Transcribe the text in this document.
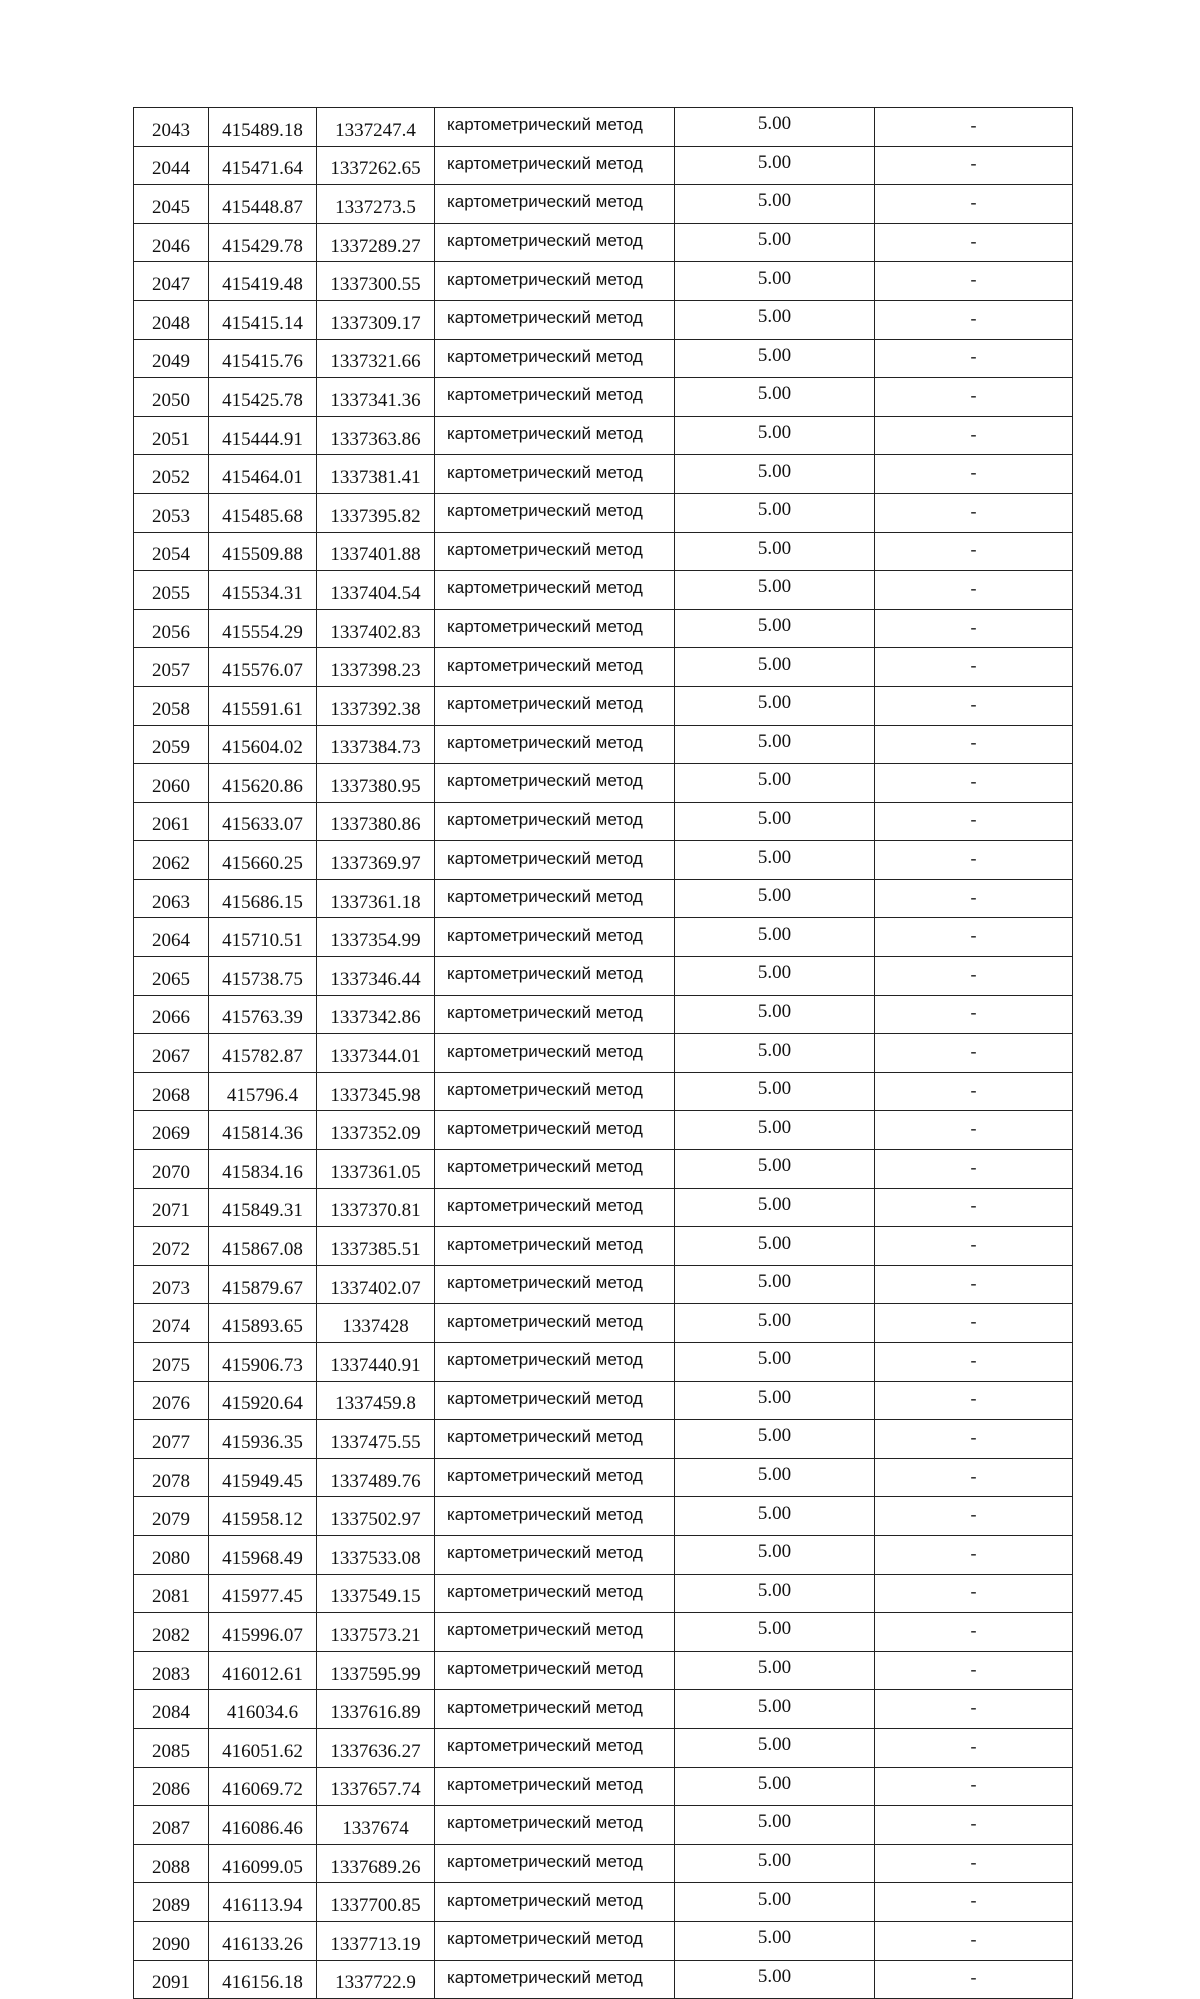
2043	415489.18	1337247.4	картометрический метод	5.00	-
2044	415471.64	1337262.65	картометрический метод	5.00	-
2045	415448.87	1337273.5	картометрический метод	5.00	-
2046	415429.78	1337289.27	картометрический метод	5.00	-
2047	415419.48	1337300.55	картометрический метод	5.00	-
2048	415415.14	1337309.17	картометрический метод	5.00	-
2049	415415.76	1337321.66	картометрический метод	5.00	-
2050	415425.78	1337341.36	картометрический метод	5.00	-
2051	415444.91	1337363.86	картометрический метод	5.00	-
2052	415464.01	1337381.41	картометрический метод	5.00	-
2053	415485.68	1337395.82	картометрический метод	5.00	-
2054	415509.88	1337401.88	картометрический метод	5.00	-
2055	415534.31	1337404.54	картометрический метод	5.00	-
2056	415554.29	1337402.83	картометрический метод	5.00	-
2057	415576.07	1337398.23	картометрический метод	5.00	-
2058	415591.61	1337392.38	картометрический метод	5.00	-
2059	415604.02	1337384.73	картометрический метод	5.00	-
2060	415620.86	1337380.95	картометрический метод	5.00	-
2061	415633.07	1337380.86	картометрический метод	5.00	-
2062	415660.25	1337369.97	картометрический метод	5.00	-
2063	415686.15	1337361.18	картометрический метод	5.00	-
2064	415710.51	1337354.99	картометрический метод	5.00	-
2065	415738.75	1337346.44	картометрический метод	5.00	-
2066	415763.39	1337342.86	картометрический метод	5.00	-
2067	415782.87	1337344.01	картометрический метод	5.00	-
2068	415796.4	1337345.98	картометрический метод	5.00	-
2069	415814.36	1337352.09	картометрический метод	5.00	-
2070	415834.16	1337361.05	картометрический метод	5.00	-
2071	415849.31	1337370.81	картометрический метод	5.00	-
2072	415867.08	1337385.51	картометрический метод	5.00	-
2073	415879.67	1337402.07	картометрический метод	5.00	-
2074	415893.65	1337428	картометрический метод	5.00	-
2075	415906.73	1337440.91	картометрический метод	5.00	-
2076	415920.64	1337459.8	картометрический метод	5.00	-
2077	415936.35	1337475.55	картометрический метод	5.00	-
2078	415949.45	1337489.76	картометрический метод	5.00	-
2079	415958.12	1337502.97	картометрический метод	5.00	-
2080	415968.49	1337533.08	картометрический метод	5.00	-
2081	415977.45	1337549.15	картометрический метод	5.00	-
2082	415996.07	1337573.21	картометрический метод	5.00	-
2083	416012.61	1337595.99	картометрический метод	5.00	-
2084	416034.6	1337616.89	картометрический метод	5.00	-
2085	416051.62	1337636.27	картометрический метод	5.00	-
2086	416069.72	1337657.74	картометрический метод	5.00	-
2087	416086.46	1337674	картометрический метод	5.00	-
2088	416099.05	1337689.26	картометрический метод	5.00	-
2089	416113.94	1337700.85	картометрический метод	5.00	-
2090	416133.26	1337713.19	картометрический метод	5.00	-
2091	416156.18	1337722.9	картометрический метод	5.00	-
